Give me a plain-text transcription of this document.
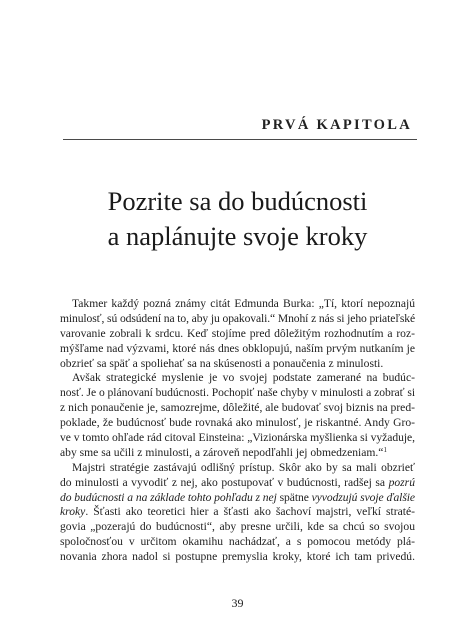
PRVÁ KAPITOLA
Pozrite sa do budúcnosti
a naplánujte svoje kroky
Takmer každý pozná známy citát Edmunda Burka: „Tí, ktorí nepoznajú
minulosť, sú odsúdení na to, aby ju opakovali.“ Mnohí z nás si jeho priateľské
varovanie zobrali k srdcu. Keď stojíme pred dôležitým rozhodnutím a roz-
mýšľame nad výzvami, ktoré nás dnes obklopujú, naším prvým nutkaním je
obzrieť sa späť a spoliehať sa na skúsenosti a ponaučenia z minulosti.
Avšak strategické myslenie je vo svojej podstate zamerané na budúc-
nosť. Je o plánovaní budúcnosti. Pochopiť naše chyby v minulosti a zobrať si
z nich ponaučenie je, samozrejme, dôležité, ale budovať svoj biznis na pred-
poklade, že budúcnosť bude rovnaká ako minulosť, je riskantné. Andy Gro-
ve v tomto ohľade rád citoval Einsteina: „Vizionárska myšlienka si vyžaduje,
aby sme sa učili z minulosti, a zároveň nepodľahli jej obmedzeniam.“$^1$
Majstri stratégie zastávajú odlišný prístup. Skôr ako by sa mali obzrieť
do minulosti a vyvodiť z nej, ako postupovať v budúcnosti, radšej sa pozrú
do budúcnosti a na základe tohto pohľadu z nej spätne vyvodzujú svoje ďalšie
kroky. Šťasti ako teoretici hier a šťasti ako šachoví majstri, veľkí straté-
govia „pozerajú do budúcnosti“, aby presne určili, kde sa chcú so svojou
spoločnosťou v určitom okamihu nachádzať, a s pomocou metódy plá-
novania zhora nadol si postupne premyslia kroky, ktoré ich tam privedú.
39
